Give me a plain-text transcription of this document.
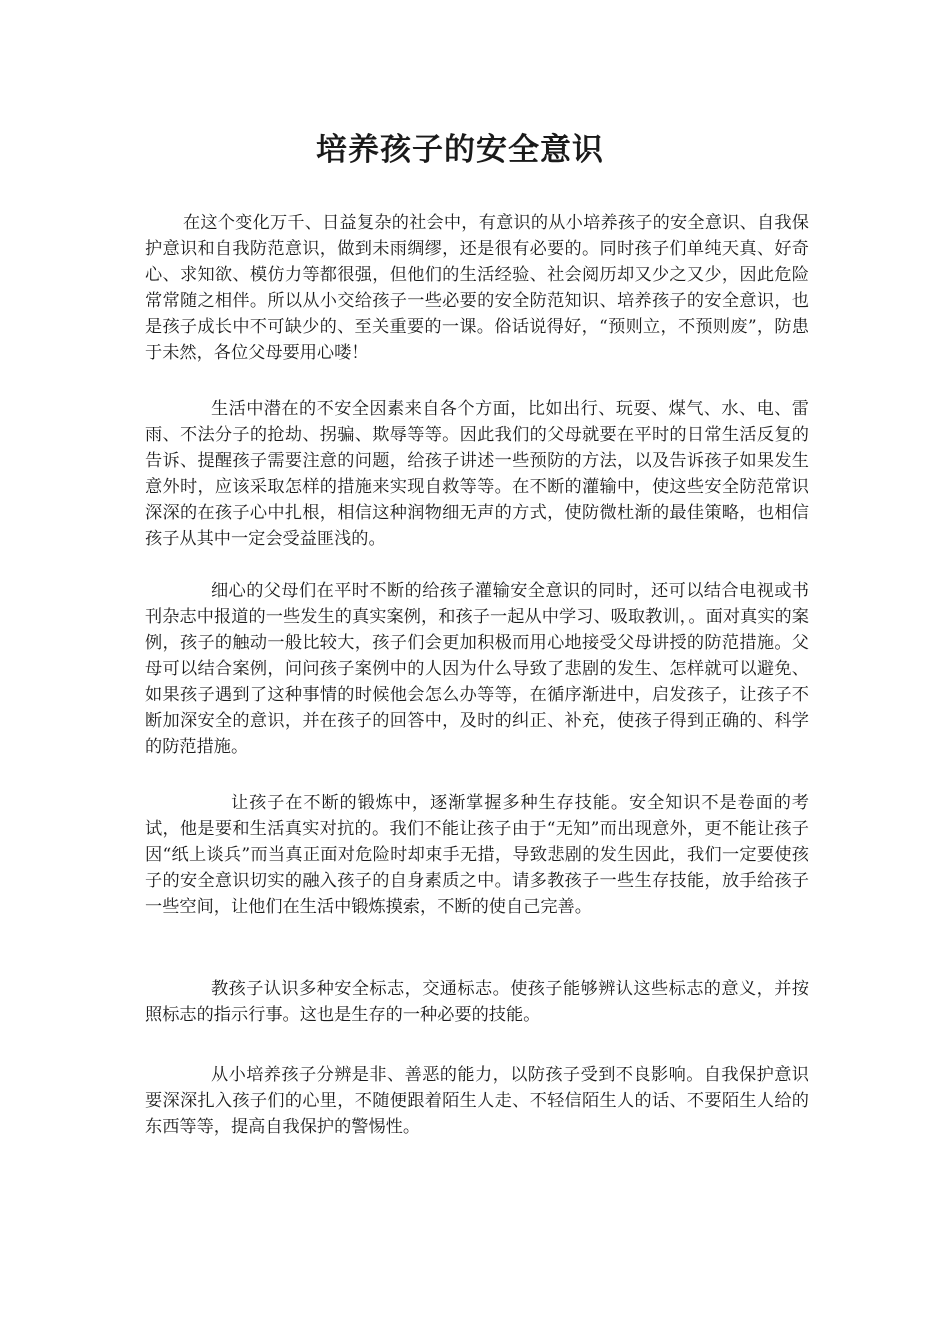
培养孩子的安全意识

在这个变化万千、日益复杂的社会中，有意识的从小培养孩子的安全意识、自我保护意识和自我防范意识，做到未雨绸缪，还是很有必要的。同时孩子们单纯天真、好奇心、求知欲、模仿力等都很强，但他们的生活经验、社会阅历却又少之又少，因此危险常常随之相伴。所以从小交给孩子一些必要的安全防范知识、培养孩子的安全意识，也是孩子成长中不可缺少的、至关重要的一课。俗话说得好，“预则立，不预则废”，防患于未然，各位父母要用心喽！

生活中潜在的不安全因素来自各个方面，比如出行、玩耍、煤气、水、电、雷雨、不法分子的抢劫、拐骗、欺辱等等。因此我们的父母就要在平时的日常生活反复的告诉、提醒孩子需要注意的问题，给孩子讲述一些预防的方法，以及告诉孩子如果发生意外时，应该采取怎样的措施来实现自救等等。在不断的灌输中，使这些安全防范常识深深的在孩子心中扎根，相信这种润物细无声的方式，使防微杜渐的最佳策略，也相信孩子从其中一定会受益匪浅的。

细心的父母们在平时不断的给孩子灌输安全意识的同时，还可以结合电视或书刊杂志中报道的一些发生的真实案例，和孩子一起从中学习、吸取教训，。面对真实的案例，孩子的触动一般比较大，孩子们会更加积极而用心地接受父母讲授的防范措施。父母可以结合案例，问问孩子案例中的人因为什么导致了悲剧的发生、怎样就可以避免、如果孩子遇到了这种事情的时候他会怎么办等等，在循序渐进中，启发孩子，让孩子不断加深安全的意识，并在孩子的回答中，及时的纠正、补充，使孩子得到正确的、科学的防范措施。

让孩子在不断的锻炼中，逐渐掌握多种生存技能。安全知识不是卷面的考试，他是要和生活真实对抗的。我们不能让孩子由于“无知”而出现意外，更不能让孩子因“纸上谈兵”而当真正面对危险时却束手无措，导致悲剧的发生因此，我们一定要使孩子的安全意识切实的融入孩子的自身素质之中。请多教孩子一些生存技能，放手给孩子一些空间，让他们在生活中锻炼摸索，不断的使自己完善。

教孩子认识多种安全标志，交通标志。使孩子能够辨认这些标志的意义，并按照标志的指示行事。这也是生存的一种必要的技能。

从小培养孩子分辨是非、善恶的能力，以防孩子受到不良影响。自我保护意识要深深扎入孩子们的心里，不随便跟着陌生人走、不轻信陌生人的话、不要陌生人给的东西等等，提高自我保护的警惕性。
